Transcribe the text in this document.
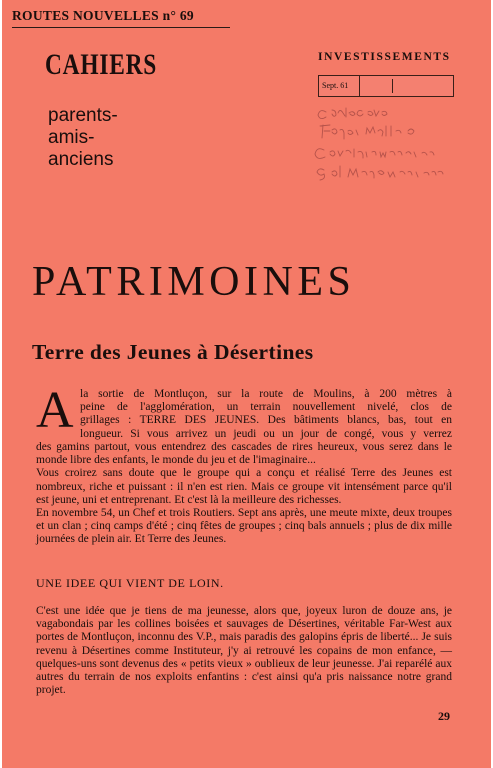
ROUTES NOUVELLES n° 69
CAHIERS
parents-
amis-
anciens
INVESTISSEMENTS
Sept. 61
PATRIMOINES
Terre des Jeunes à Désertines
A la sortie de Montluçon, sur la route de Moulins, à 200 mètres à

peine de l'agglomération, un terrain nouvellement nivelé, clos de

grillages : TERRE DES JEUNES. Des bâtiments blancs, bas, tout en

longueur. Si vous arrivez un jeudi ou un jour de congé, vous y verrez

des gamins partout, vous entendrez des cascades de rires heureux, vous serez dans le monde libre des enfants, le monde du jeu et de l'imaginaire...

Vous croirez sans doute que le groupe qui a conçu et réalisé Terre des Jeunes est nombreux, riche et puissant : il n'en est rien. Mais ce groupe vit intensément parce qu'il est jeune, uni et entreprenant. Et c'est là la meilleure des richesses.

En novembre 54, un Chef et trois Routiers. Sept ans après, une meute mixte, deux troupes et un clan ; cinq camps d'été ; cinq fêtes de groupes ; cinq bals annuels ; plus de dix mille journées de plein air. Et Terre des Jeunes.

UNE IDEE QUI VIENT DE LOIN.

C'est une idée que je tiens de ma jeunesse, alors que, joyeux luron de douze ans, je vagabondais par les collines boisées et sauvages de Désertines, véritable Far-West aux portes de Montluçon, inconnu des V.P., mais paradis des galopins épris de liberté... Je suis revenu à Désertines comme Instituteur, j'y ai retrouvé les copains de mon enfance, — quelques-uns sont devenus des « petits vieux » oublieux de leur jeunesse. J'ai reparélé aux autres du terrain de nos exploits enfantins : c'est ainsi qu'a pris naissance notre grand projet.

29
